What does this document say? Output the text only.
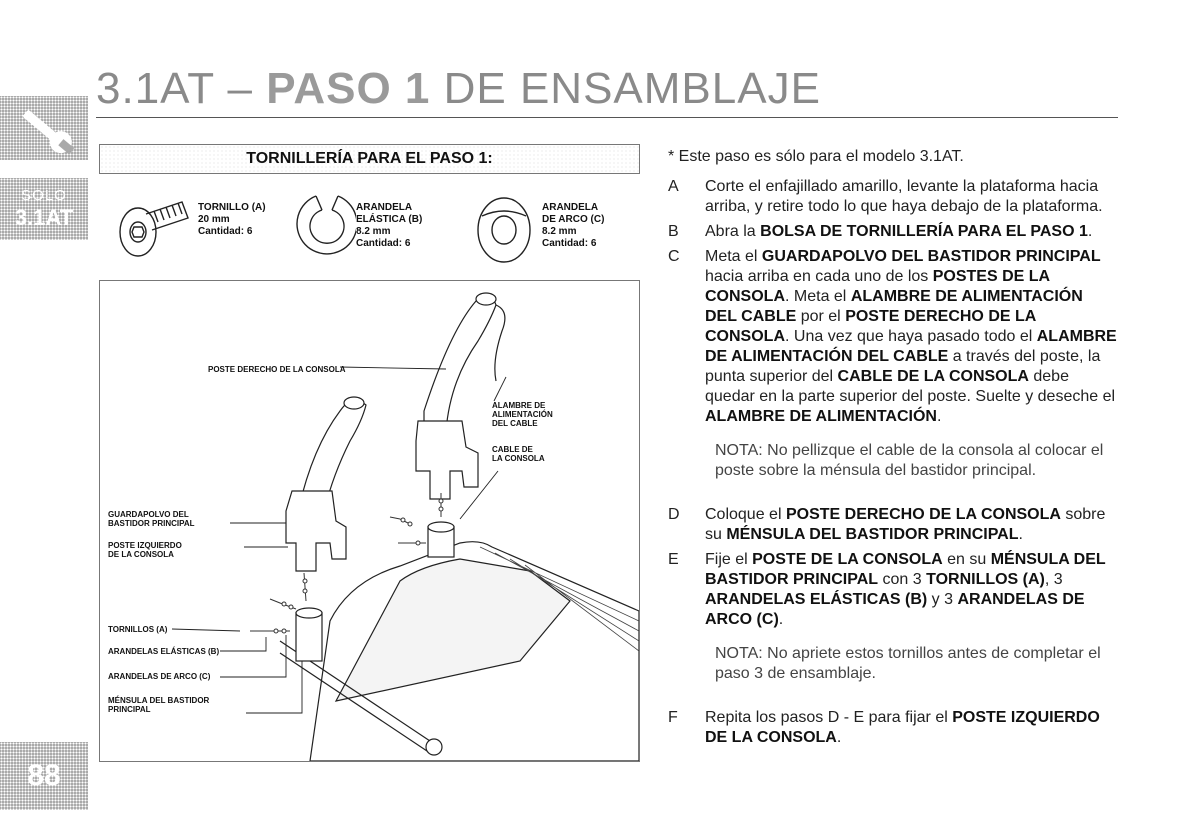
SOLO
3.1AT
88
3.1AT – PASO 1 DE ENSAMBLAJE
TORNILLERÍA PARA EL PASO 1:
TORNILLO (A)
20 mm
Cantidad: 6
ARANDELA
ELÁSTICA (B)
8.2 mm
Cantidad: 6
ARANDELA
DE ARCO (C)
8.2 mm
Cantidad: 6
POSTE DERECHO DE LA CONSOLA
ALAMBRE DE
ALIMENTACIÓN
DEL CABLE
CABLE DE
LA CONSOLA
GUARDAPOLVO DEL
BASTIDOR PRINCIPAL
POSTE IZQUIERDO
DE LA CONSOLA
TORNILLOS (A)
ARANDELAS ELÁSTICAS (B)
ARANDELAS DE ARCO (C)
MÉNSULA DEL BASTIDOR
PRINCIPAL
* Este paso es sólo para el modelo 3.1AT.
A Corte el enfajillado amarillo, levante la plataforma hacia arriba, y retire todo lo que haya debajo de la plataforma.
B Abra la BOLSA DE TORNILLERÍA PARA EL PASO 1.
C Meta el GUARDAPOLVO DEL BASTIDOR PRINCIPAL hacia arriba en cada uno de los POSTES DE LA CONSOLA. Meta el ALAMBRE DE ALIMENTACIÓN DEL CABLE por el POSTE DERECHO DE LA CONSOLA. Una vez que haya pasado todo el ALAMBRE DE ALIMENTACIÓN DEL CABLE a través del poste, la punta superior del CABLE DE LA CONSOLA debe quedar en la parte superior del poste. Suelte y deseche el ALAMBRE DE ALIMENTACIÓN.
NOTA: No pellizque el cable de la consola al colocar el poste sobre la ménsula del bastidor principal.
D Coloque el POSTE DERECHO DE LA CONSOLA sobre su MÉNSULA DEL BASTIDOR PRINCIPAL.
E Fije el POSTE DE LA CONSOLA en su MÉNSULA DEL BASTIDOR PRINCIPAL con 3 TORNILLOS (A), 3 ARANDELAS ELÁSTICAS (B) y 3 ARANDELAS DE ARCO (C).
NOTA: No apriete estos tornillos antes de completar el paso 3 de ensamblaje.
F Repita los pasos D - E para fijar el POSTE IZQUIERDO DE LA CONSOLA.
